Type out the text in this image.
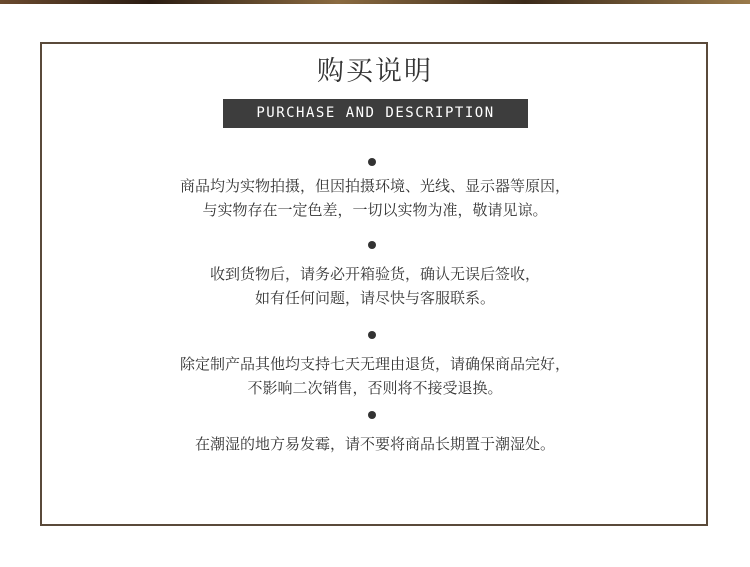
购买说明
PURCHASE AND DESCRIPTION
商品均为实物拍摄，但因拍摄环境、光线、显示器等原因，
与实物存在一定色差，一切以实物为准，敬请见谅。
收到货物后，请务必开箱验货，确认无误后签收，
如有任何问题，请尽快与客服联系。
除定制产品其他均支持七天无理由退货，请确保商品完好，
不影响二次销售，否则将不接受退换。
在潮湿的地方易发霉，请不要将商品长期置于潮湿处。
